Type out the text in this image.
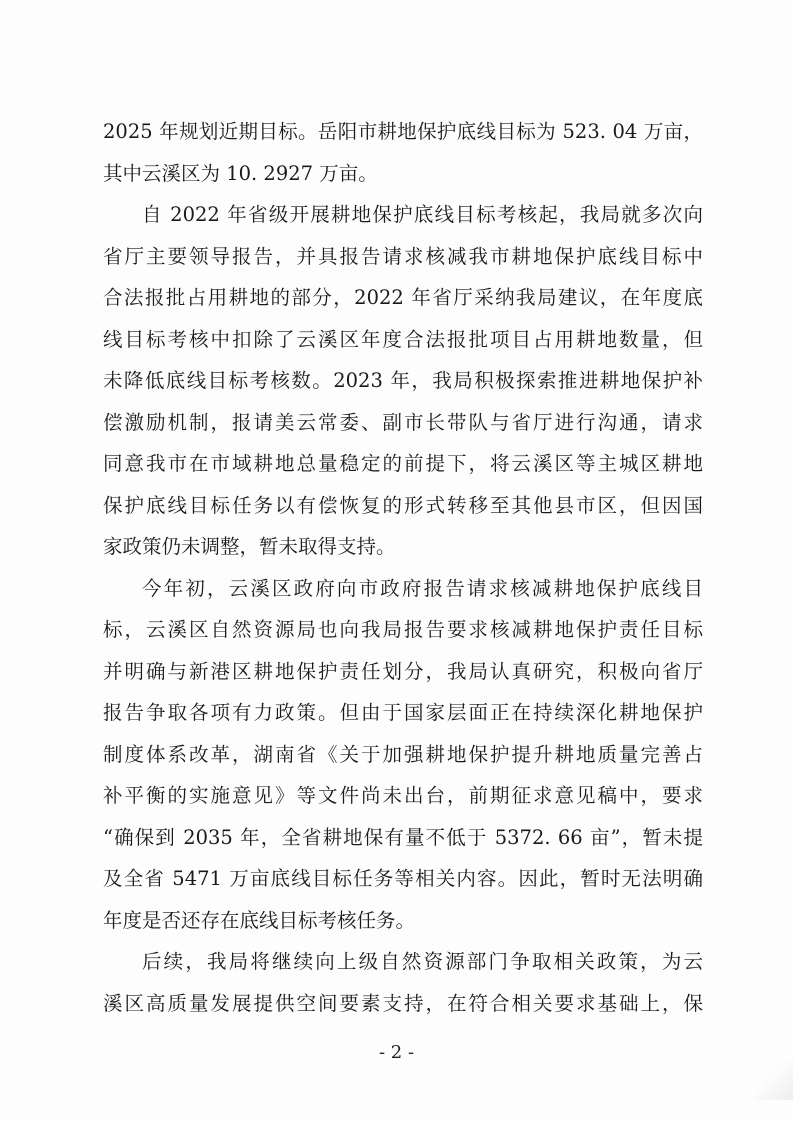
2025 年规划近期目标。岳阳市耕地保护底线目标为 523. 04 万亩，
其中云溪区为 10. 2927 万亩。

自 2022 年省级开展耕地保护底线目标考核起，我局就多次向
省厅主要领导报告，并具报告请求核减我市耕地保护底线目标中
合法报批占用耕地的部分，2022 年省厅采纳我局建议，在年度底
线目标考核中扣除了云溪区年度合法报批项目占用耕地数量，但
未降低底线目标考核数。2023 年，我局积极探索推进耕地保护补
偿激励机制，报请美云常委、副市长带队与省厅进行沟通，请求
同意我市在市域耕地总量稳定的前提下，将云溪区等主城区耕地
保护底线目标任务以有偿恢复的形式转移至其他县市区，但因国
家政策仍未调整，暂未取得支持。

今年初，云溪区政府向市政府报告请求核减耕地保护底线目
标，云溪区自然资源局也向我局报告要求核减耕地保护责任目标
并明确与新港区耕地保护责任划分，我局认真研究，积极向省厅
报告争取各项有力政策。但由于国家层面正在持续深化耕地保护
制度体系改革，湖南省《关于加强耕地保护提升耕地质量完善占
补平衡的实施意见》等文件尚未出台，前期征求意见稿中，要求
“确保到 2035 年，全省耕地保有量不低于 5372. 66 亩”，暂未提
及全省 5471 万亩底线目标任务等相关内容。因此，暂时无法明确
年度是否还存在底线目标考核任务。

后续，我局将继续向上级自然资源部门争取相关政策，为云
溪区高质量发展提供空间要素支持，在符合相关要求基础上，保

- 2 -
